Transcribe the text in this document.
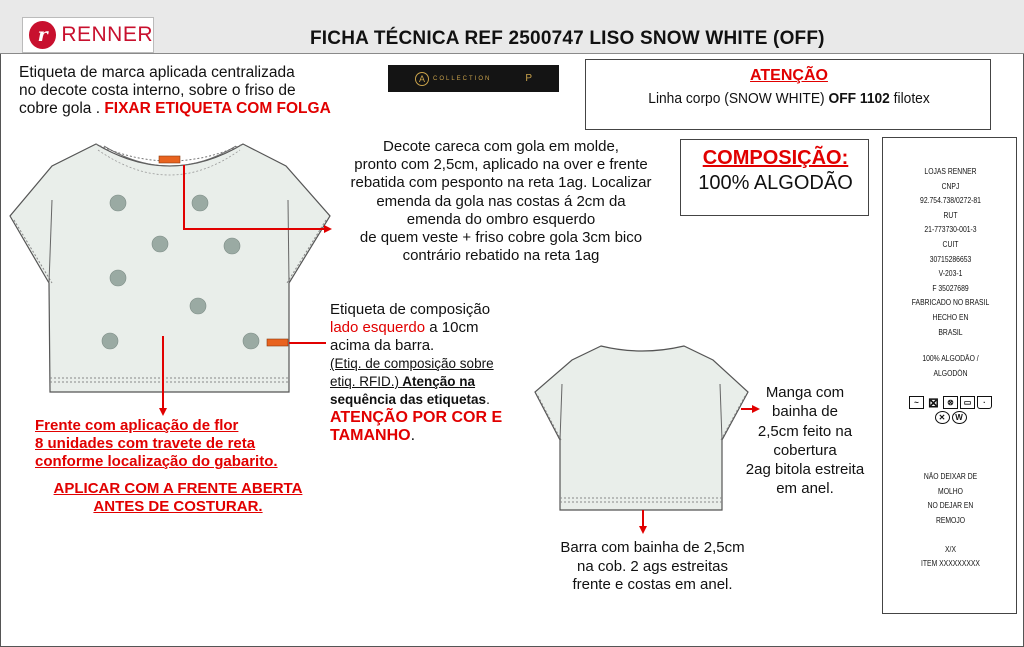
r RENNER	FICHA TÉCNICA REF 2500747 LISO SNOW WHITE (OFF)
Etiqueta de marca aplicada centralizada
no decote costa interno, sobre o friso de
cobre gola . FIXAR ETIQUETA COM FOLGA
A	COLLECTION	P	ATENÇÃO
Linha corpo (SNOW WHITE) OFF 1102 filotex
COMPOSIÇÃO:
100% ALGODÃO
Decote careca com gola em molde,
pronto com 2,5cm, aplicado na over e frente
rebatida com pesponto na reta 1ag. Localizar
emenda da gola nas costas á 2cm da
emenda do ombro esquerdo
de quem veste + friso cobre gola 3cm bico
contrário rebatido na reta 1ag
Etiqueta de composição
lado esquerdo a 10cm
acima da barra.
(Etiq. de composição sobre
etiq. RFID.) Atenção na
sequência das etiquetas.
ATENÇÃO POR COR E
TAMANHO.
Frente com aplicação de flor
8 unidades com travete de reta
conforme localização do gabarito.
APLICAR COM A FRENTE ABERTA
ANTES DE COSTURAR.
Manga com
bainha de
2,5cm feito na
cobertura
2ag bitola estreita
em anel.
Barra com bainha de 2,5cm
na cob. 2 ags estreitas
frente e costas em anel.
~ ⊠	⊗	▭	·
✕	W
LOJAS RENNER
CNPJ
92.754.738/0272-81
RUT
21-773730-001-3
CUIT
30715286653
V-203-1
F 35027689
FABRICADO NO BRASIL
HECHO EN
BRASIL
100% ALGODÃO /
ALGODÓN
NÃO DEIXAR DE
MOLHO
NO DEJAR EN
REMOJO
X/X
ITEM XXXXXXXXX
